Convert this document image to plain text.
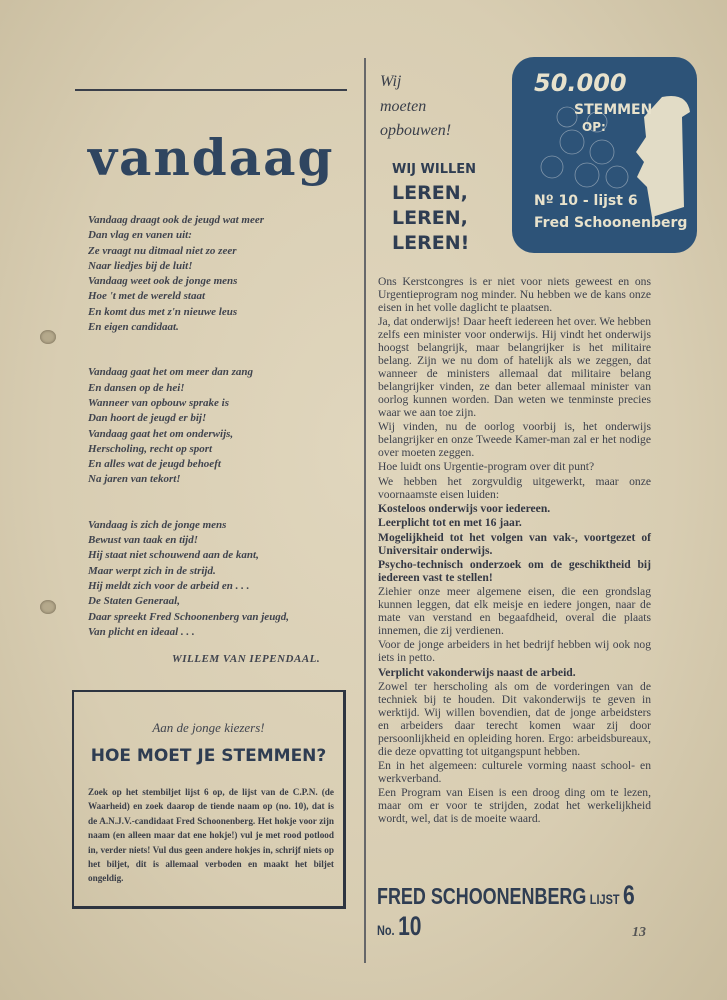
vandaag
Vandaag draagt ook de jeugd wat meer
Dan vlag en vanen uit:
Ze vraagt nu ditmaal niet zo zeer
Naar liedjes bij de luit!
Vandaag weet ook de jonge mens
Hoe 't met de wereld staat
En komt dus met z'n nieuwe leus
En eigen candidaat.
Vandaag gaat het om meer dan zang
En dansen op de hei!
Wanneer van opbouw sprake is
Dan hoort de jeugd er bij!
Vandaag gaat het om onderwijs,
Herscholing, recht op sport
En alles wat de jeugd behoeft
Na jaren van tekort!
Vandaag is zich de jonge mens
Bewust van taak en tijd!
Hij staat niet schouwend aan de kant,
Maar werpt zich in de strijd.
Hij meldt zich voor de arbeid en . . .
De Staten Generaal,
Daar spreekt Fred Schoonenberg van jeugd,
Van plicht en ideaal . . .
WILLEM VAN IEPENDAAL.
Aan de jonge kiezers!
HOE MOET JE STEMMEN?
Zoek op het stembiljet lijst 6 op, de lijst van de C.P.N. (de Waarheid) en zoek daarop de tiende naam op (no. 10), dat is de A.N.J.V.-candidaat Fred Schoonenberg. Het hokje voor zijn naam (en alleen maar dat ene hokje!) vul je met rood potlood in, verder niets! Vul dus geen andere hokjes in, schrijf niets op het biljet, dit is allemaal verboden en maakt het biljet ongeldig.
Wij
moeten
opbouwen!
WIJ WILLEN
LEREN,
LEREN,
LEREN!
50.000
STEMMEN
OP:
Nº 10 - lijst 6
Fred Schoonenberg

Ons Kerstcongres is er niet voor niets geweest en ons Urgentieprogram nog minder. Nu hebben we de kans onze eisen in het volle daglicht te plaatsen.

Ja, dat onderwijs! Daar heeft iedereen het over. We hebben zelfs een minister voor onderwijs. Hij vindt het onderwijs hoogst belangrijk, maar belangrijker is het militaire belang. Zijn we nu dom of hatelijk als we zeggen, dat wanneer de ministers allemaal dat militaire belang belangrijker vinden, ze dan beter allemaal minister van oorlog kunnen worden. Dan weten we tenminste precies waar we aan toe zijn.

Wij vinden, nu de oorlog voorbij is, het onderwijs belangrijker en onze Tweede Kamer-man zal er het nodige over moeten zeggen.

Hoe luidt ons Urgentie-program over dit punt?

We hebben het zorgvuldig uitgewerkt, maar onze voornaamste eisen luiden:

Kosteloos onderwijs voor iedereen.

Leerplicht tot en met 16 jaar.

Mogelijkheid tot het volgen van vak-, voortgezet of Universitair onderwijs.

Psycho-technisch onderzoek om de geschiktheid bij iedereen vast te stellen!

Ziehier onze meer algemene eisen, die een grondslag kunnen leggen, dat elk meisje en iedere jongen, naar de mate van verstand en begaafdheid, overal die plaats innemen, die zij verdienen.

Voor de jonge arbeiders in het bedrijf hebben wij ook nog iets in petto.

Verplicht vakonderwijs naast de arbeid.

Zowel ter herscholing als om de vorderingen van de techniek bij te houden. Dit vakonderwijs te geven in werktijd. Wij willen bovendien, dat de jonge arbeidsters en arbeiders daar terecht komen waar zij door persoonlijkheid en opleiding horen. Ergo: arbeidsbureaux, die deze opvatting tot uitgangspunt hebben.

En in het algemeen: culturele vorming naast school- en werkverband.

Een Program van Eisen is een droog ding om te lezen, maar om er voor te strijden, zodat het werkelijkheid wordt, wel, dat is de moeite waard.

FRED SCHOONENBERG LIJST 6 No. 10	13
